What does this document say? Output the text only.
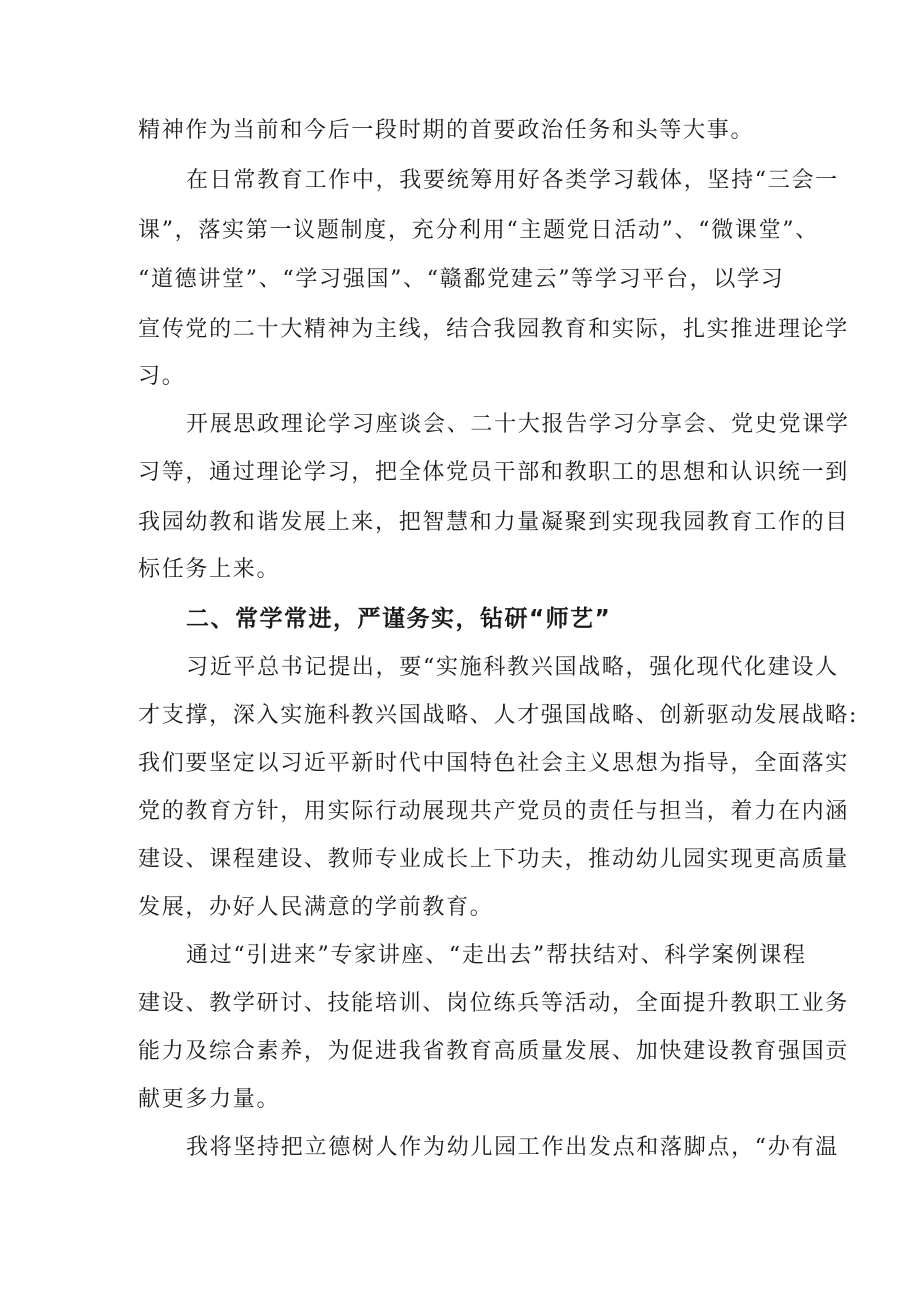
精神作为当前和今后一段时期的首要政治任务和头等大事。
在日常教育工作中，我要统筹用好各类学习载体，坚持“三会一
课”，落实第一议题制度，充分利用“主题党日活动”、“微课堂”、
“道德讲堂”、“学习强国”、“赣鄱党建云”等学习平台，以学习
宣传党的二十大精神为主线，结合我园教育和实际，扎实推进理论学
习。
开展思政理论学习座谈会、二十大报告学习分享会、党史党课学
习等，通过理论学习，把全体党员干部和教职工的思想和认识统一到
我园幼教和谐发展上来，把智慧和力量凝聚到实现我园教育工作的目
标任务上来。
二、常学常进，严谨务实，钻研“师艺”
习近平总书记提出，要“实施科教兴国战略，强化现代化建设人
才支撑，深入实施科教兴国战略、人才强国战略、创新驱动发展战略:
我们要坚定以习近平新时代中国特色社会主义思想为指导，全面落实
党的教育方针，用实际行动展现共产党员的责任与担当，着力在内涵
建设、课程建设、教师专业成长上下功夫，推动幼儿园实现更高质量
发展，办好人民满意的学前教育。
通过“引进来”专家讲座、“走出去”帮扶结对、科学案例课程
建设、教学研讨、技能培训、岗位练兵等活动，全面提升教职工业务
能力及综合素养，为促进我省教育高质量发展、加快建设教育强国贡
献更多力量。
我将坚持把立德树人作为幼儿园工作出发点和落脚点，“办有温
